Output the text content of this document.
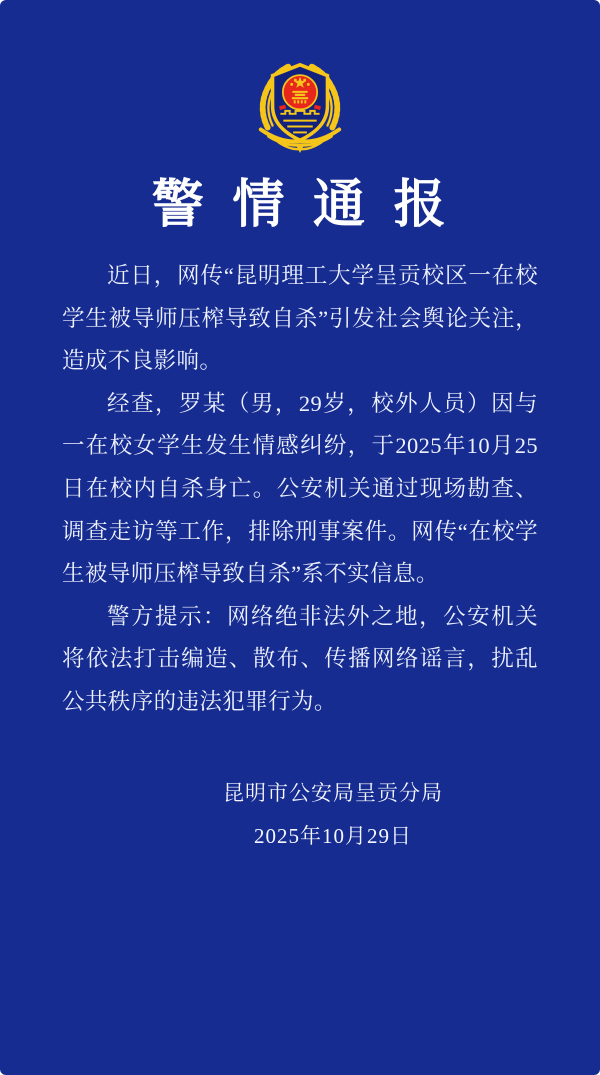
警情通报

近日，网传“昆明理工大学呈贡校区一在校学生被导师压榨导致自杀”引发社会舆论关注，造成不良影响。

经查，罗某（男，29岁，校外人员）因与一在校女学生发生情感纠纷，于2025年10月25日在校内自杀身亡。公安机关通过现场勘查、调查走访等工作，排除刑事案件。网传“在校学生被导师压榨导致自杀”系不实信息。

警方提示：网络绝非法外之地，公安机关将依法打击编造、散布、传播网络谣言，扰乱公共秩序的违法犯罪行为。

昆明市公安局呈贡分局
2025年10月29日
